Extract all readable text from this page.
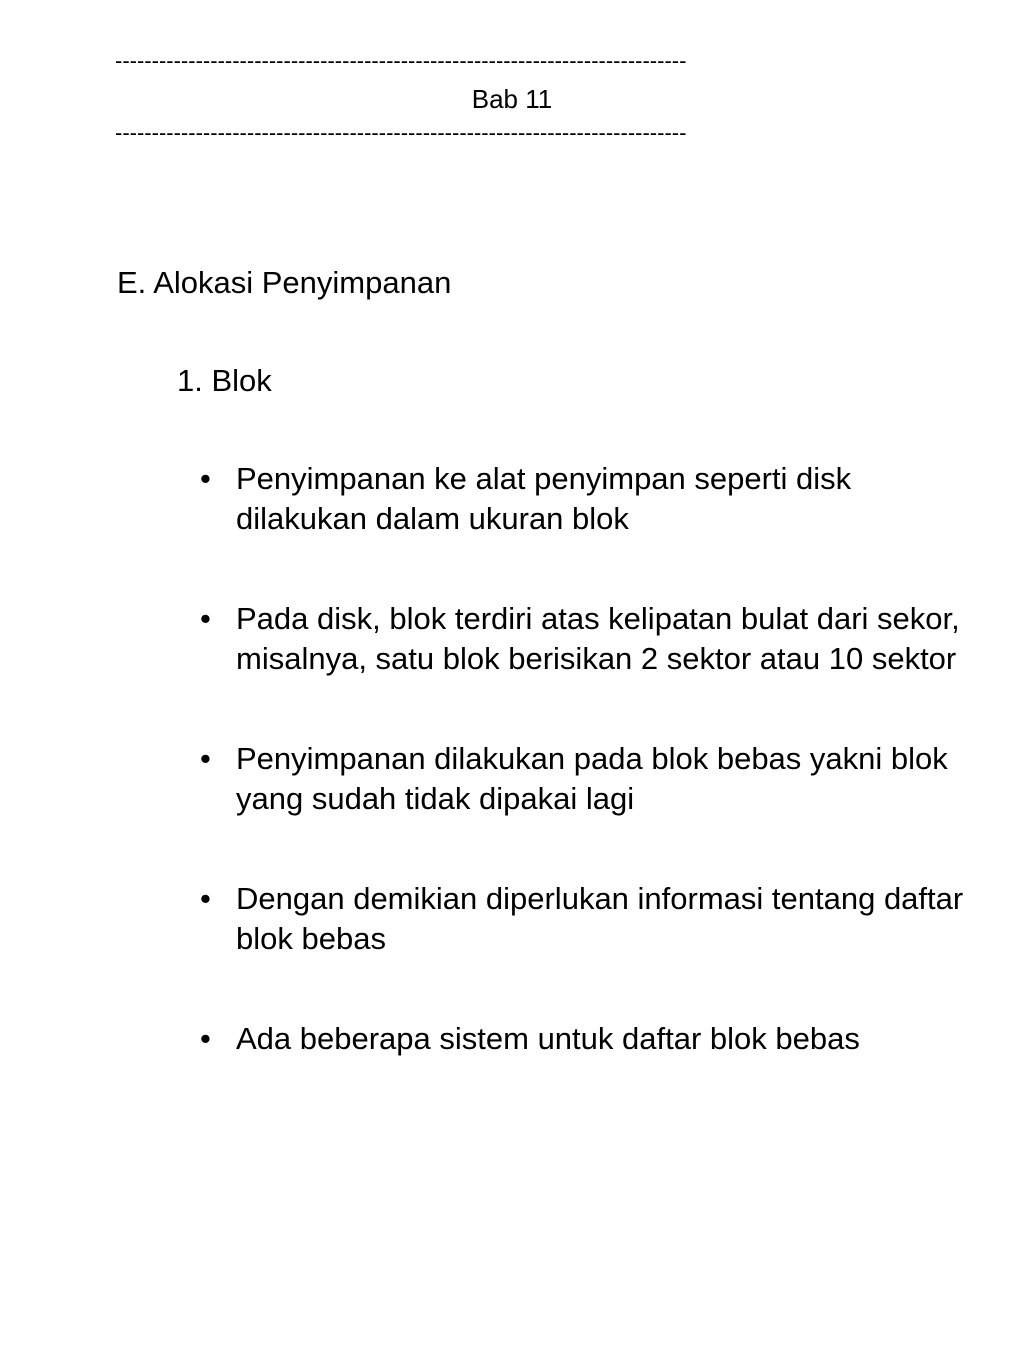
------------------------------------------------------------------------------
Bab 11
------------------------------------------------------------------------------
E. Alokasi Penyimpanan
1. Blok
• Penyimpanan ke alat penyimpan seperti disk dilakukan dalam ukuran blok
• Pada disk, blok terdiri atas kelipatan bulat dari sekor, misalnya, satu blok berisikan 2 sektor atau 10 sektor
• Penyimpanan dilakukan pada blok bebas yakni blok yang sudah tidak dipakai lagi
• Dengan demikian diperlukan informasi tentang daftar blok bebas
• Ada beberapa sistem untuk daftar blok bebas
